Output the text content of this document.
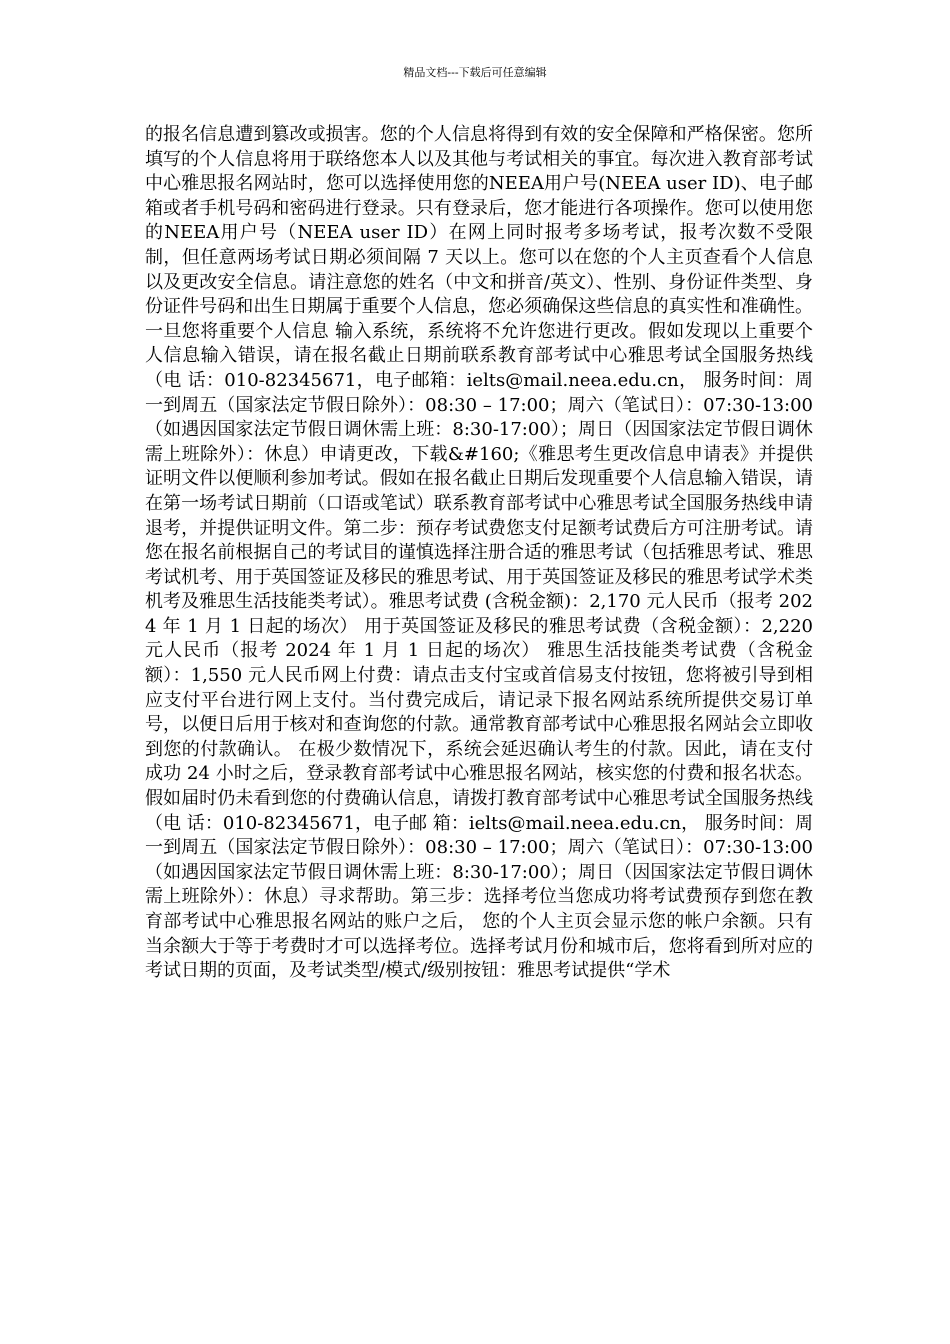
精品文档---下载后可任意编辑

的报名信息遭到篡改或损害。您的个人信息将得到有效的安全保障和严格保密。您所填写的个人信息将用于联络您本人以及其他与考试相关的事宜。每次进入教育部考试中心雅思报名网站时，您可以选择使用您的NEEA用户号(NEEA user ID)、电子邮 箱或者手机号码和密码进行登录。只有登录后，您才能进行各项操作。您可以使用您的NEEA用户号（NEEA user ID）在网上同时报考多场考试，报考次数不受限制，但任意两场考试日期必须间隔 7 天以上。您可以在您的个人主页查看个人信息以及更改安全信息。请注意您的姓名（中文和拼音/英文）、性别、身份证件类型、身份证件号码和出生日期属于重要个人信息，您必须确保这些信息的真实性和准确性。一旦您将重要个人信息 输入系统，系统将不允许您进行更改。假如发现以上重要个人信息输入错误，请在报名截止日期前联系教育部考试中心雅思考试全国服务热线 （电 话：010-82345671，电子邮箱：ielts@mail.neea.edu.cn， 服务时间：周一到周五（国家法定节假日除外）：08:30 – 17:00；周六（笔试日）：07:30-13:00（如遇因国家法定节假日调休需上班：8:30-17:00）；周日（因国家法定节假日调休需上班除外）：休息）申请更改，下载&#160;《雅思考生更改信息申请表》并提供证明文件以便顺利参加考试。假如在报名截止日期后发现重要个人信息输入错误，请在第一场考试日期前（口语或笔试）联系教育部考试中心雅思考试全国服务热线申请退考，并提供证明文件。第二步：预存考试费您支付足额考试费后方可注册考试。请您在报名前根据自己的考试目的谨慎选择注册合适的雅思考试（包括雅思考试、雅思考试机考、用于英国签证及移民的雅思考试、用于英国签证及移民的雅思考试学术类机考及雅思生活技能类考试）。雅思考试费 (含税金额)：2,170 元人民币（报考 2024 年 1 月 1 日起的场次） 用于英国签证及移民的雅思考试费（含税金额）：2,220 元人民币（报考 2024 年 1 月 1 日起的场次） 雅思生活技能类考试费（含税金额）：1,550 元人民币网上付费：请点击支付宝或首信易支付按钮，您将被引导到相应支付平台进行网上支付。当付费完成后，请记录下报名网站系统所提供交易订单号，以便日后用于核对和查询您的付款。通常教育部考试中心雅思报名网站会立即收到您的付款确认。 在极少数情况下，系统会延迟确认考生的付款。因此，请在支付成功 24 小时之后，登录教育部考试中心雅思报名网站，核实您的付费和报名状态。假如届时仍未看到您的付费确认信息，请拨打教育部考试中心雅思考试全国服务热线（电 话：010-82345671，电子邮 箱：ielts@mail.neea.edu.cn， 服务时间：周一到周五（国家法定节假日除外）：08:30 – 17:00；周六（笔试日）：07:30-13:00（如遇因国家法定节假日调休需上班：8:30-17:00）；周日（因国家法定节假日调休需上班除外）：休息）寻求帮助。第三步：选择考位当您成功将考试费预存到您在教育部考试中心雅思报名网站的账户之后， 您的个人主页会显示您的帐户余额。只有当余额大于等于考费时才可以选择考位。选择考试月份和城市后，您将看到所对应的考试日期的页面，及考试类型/模式/级别按钮：雅思考试提供“学术
